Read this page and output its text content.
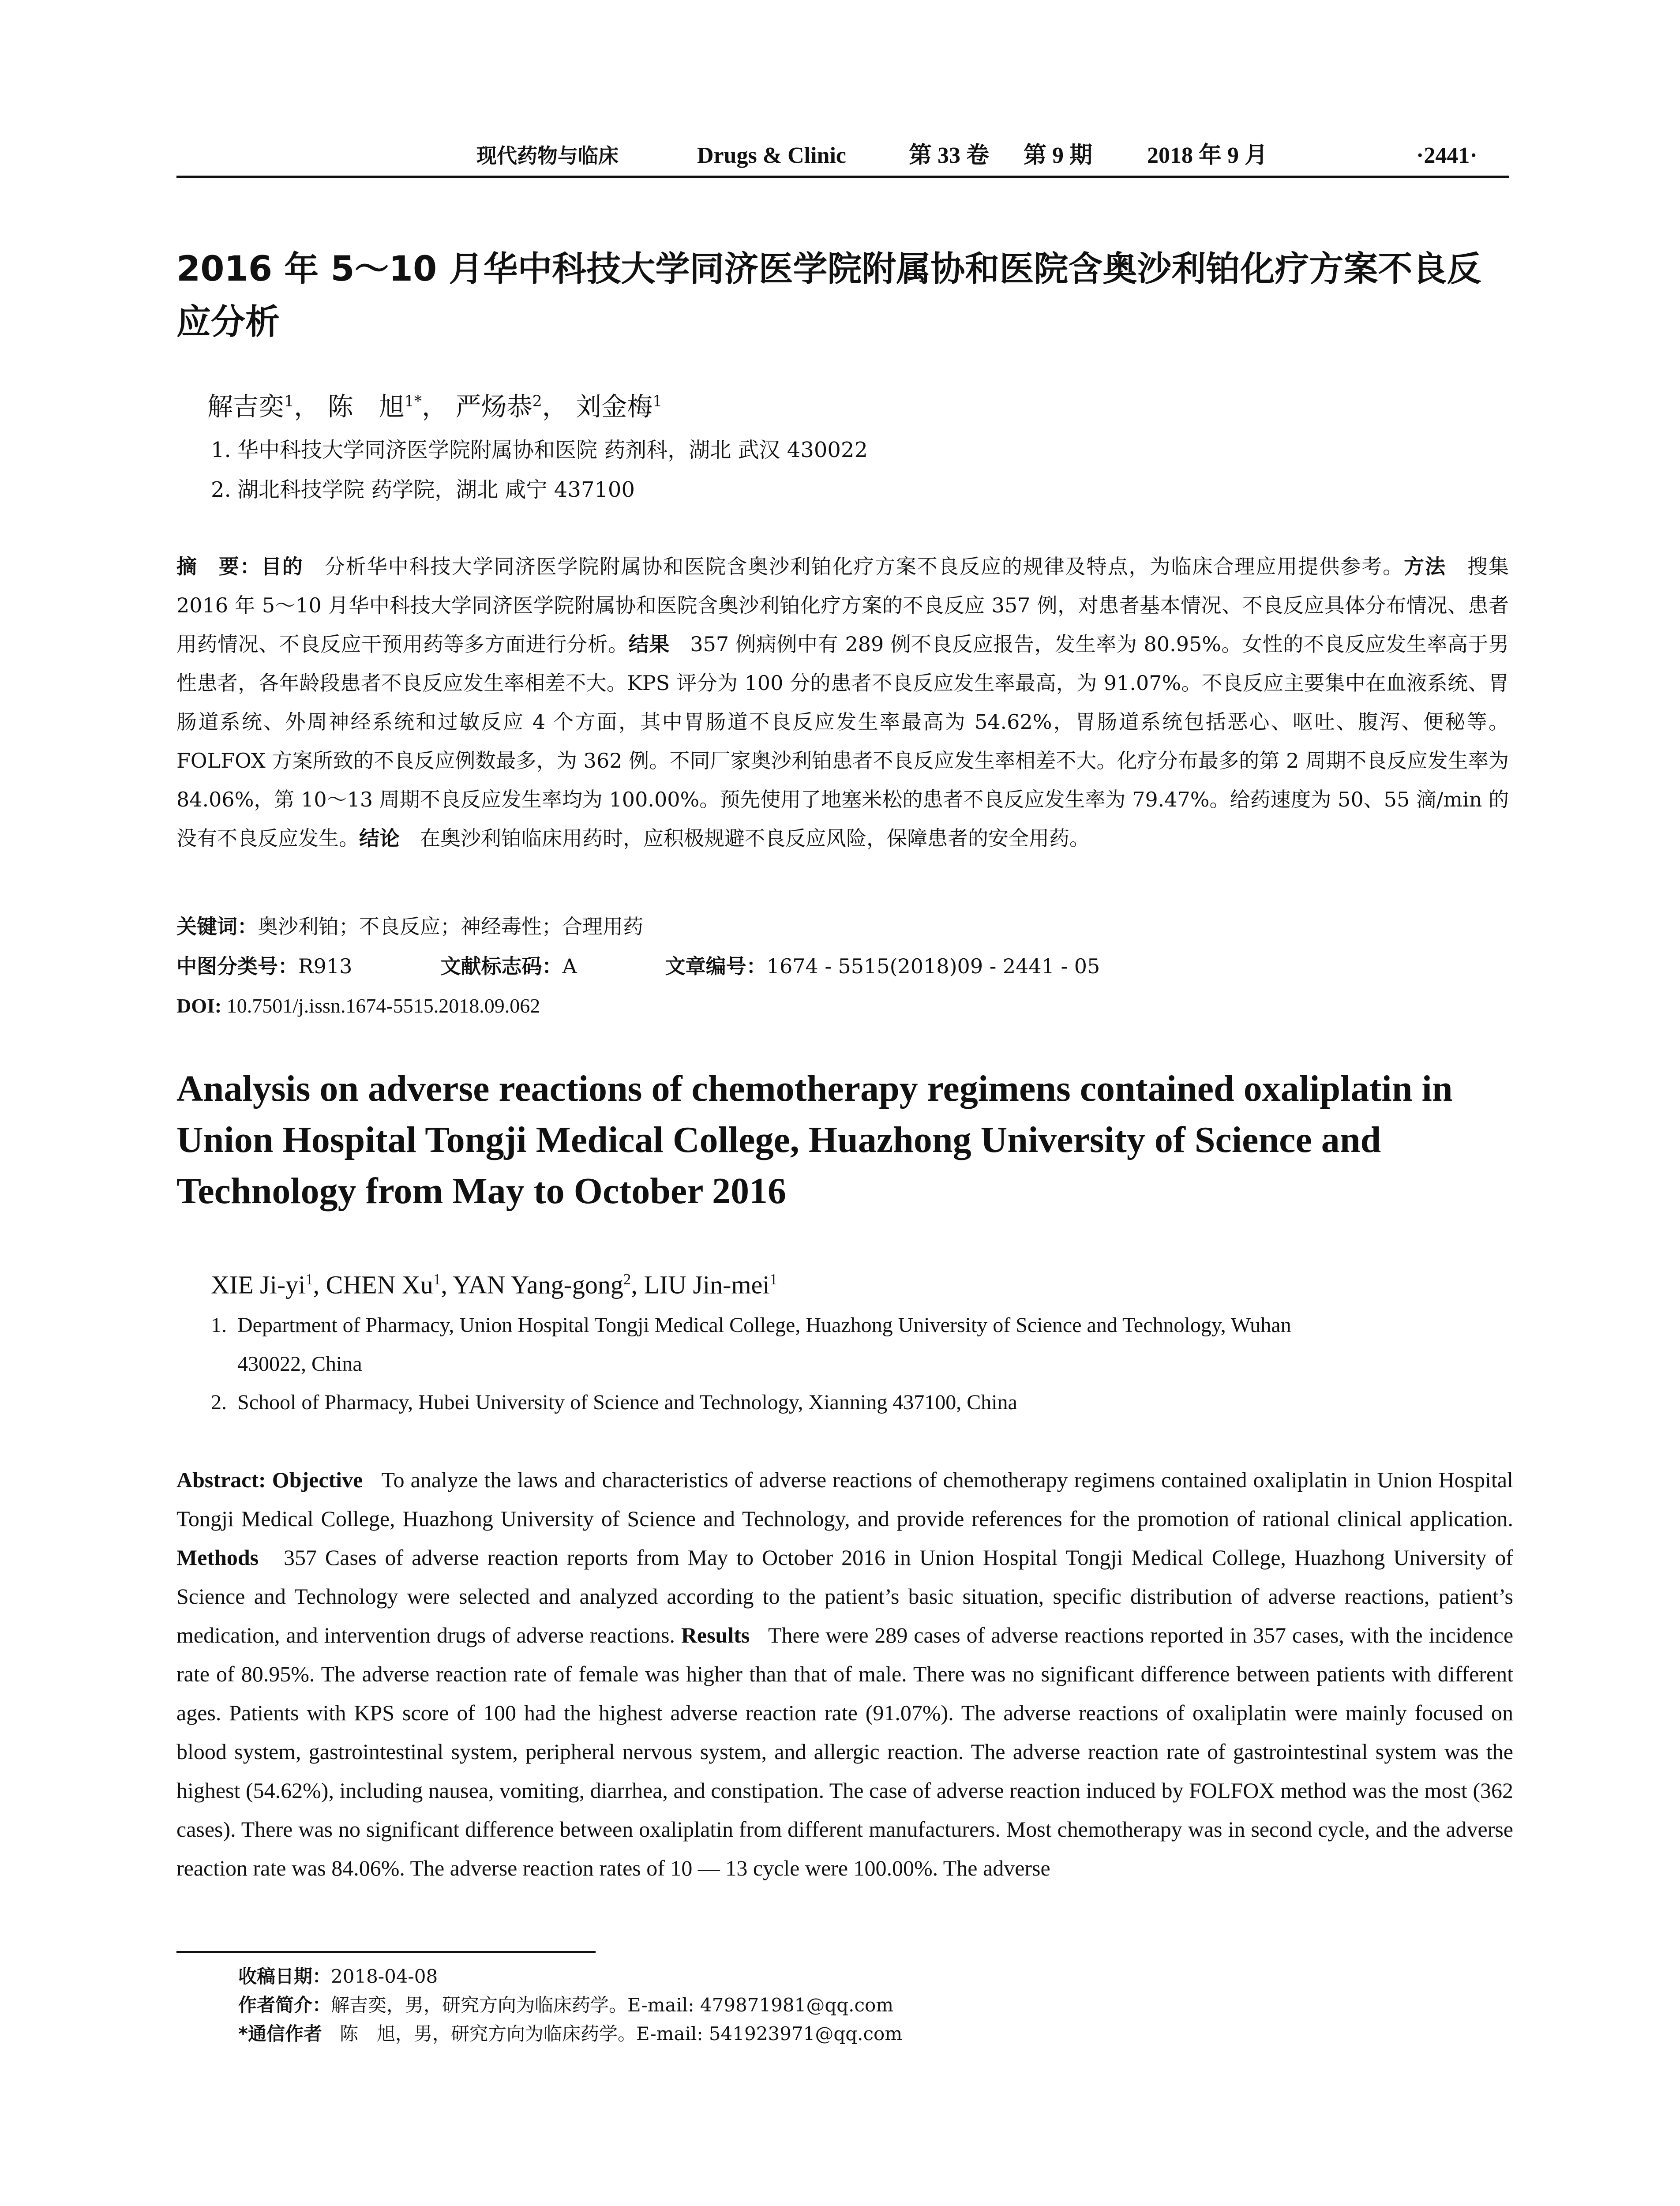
现代药物与临床	Drugs & Clinic	第 33 卷 第 9 期 2018 年 9 月	·2441·
2016 年 5～10 月华中科技大学同济医学院附属协和医院含奥沙利铂化疗方案不良反应分析
解吉奕$^1$， 陈　旭$^{1*}$， 严炀恭$^2$， 刘金梅$^1$
1. 华中科技大学同济医学院附属协和医院 药剂科，湖北 武汉 430022
2. 湖北科技学院 药学院，湖北 咸宁 437100

摘　要：目的　 分析华中科技大学同济医学院附属协和医院含奥沙利铂化疗方案不良反应的规律及特点，为临床合理应用提供参考。方法　 搜集 2016 年 5～10 月华中科技大学同济医学院附属协和医院含奥沙利铂化疗方案的不良反应 357 例，对患者基本情况、不良反应具体分布情况、患者用药情况、不良反应干预用药等多方面进行分析。结果　 357 例病例中有 289 例不良反应报告，发生率为 80.95%。女性的不良反应发生率高于男性患者，各年龄段患者不良反应发生率相差不大。KPS 评分为 100 分的患者不良反应发生率最高，为 91.07%。不良反应主要集中在血液系统、胃肠道系统、外周神经系统和过敏反应 4 个方面，其中胃肠道不良反应发生率最高为 54.62%，胃肠道系统包括恶心、呕吐、腹泻、便秘等。FOLFOX 方案所致的不良反应例数最多，为 362 例。不同厂家奥沙利铂患者不良反应发生率相差不大。化疗分布最多的第 2 周期不良反应发生率为 84.06%，第 10～13 周期不良反应发生率均为 100.00%。预先使用了地塞米松的患者不良反应发生率为 79.47%。给药速度为 50、55 滴/min 的没有不良反应发生。结论　 在奥沙利铂临床用药时，应积极规避不良反应风险，保障患者的安全用药。

关键词：奥沙利铂；不良反应；神经毒性；合理用药
中图分类号：R913	文献标志码：A	文章编号：1674 - 5515(2018)09 - 2441 - 05
DOI: 10.7501/j.issn.1674-5515.2018.09.062
Analysis on adverse reactions of chemotherapy regimens contained oxaliplatin in Union Hospital Tongji Medical College, Huazhong University of Science and Technology from May to October 2016
XIE $Ji-yi^1$, CHEN Xu$^1$, YAN Yang-gong$^2$, LIU Jin-mei$^1$
1. Department of Pharmacy, Union Hospital Tongji Medical College, Huazhong University of Science and Technology, Wuhan
430022, China
2. School of Pharmacy, Hubei University of Science and Technology, Xianning 437100, China

Abstract: Objective To analyze the laws and characteristics of adverse reactions of chemotherapy regimens contained oxaliplatin in Union Hospital Tongji Medical College, Huazhong University of Science and Technology, and provide references for the promotion of rational clinical application. Methods 357 Cases of adverse reaction reports from May to October 2016 in Union Hospital Tongji Medical College, Huazhong University of Science and Technology were selected and analyzed according to the patient’s basic situation, specific distribution of adverse reactions, patient’s medication, and intervention drugs of adverse reactions. Results There were 289 cases of adverse reactions reported in 357 cases, with the incidence rate of 80.95%. The adverse reaction rate of female was higher than that of male. There was no significant difference between patients with different ages. Patients with KPS score of 100 had the highest adverse reaction rate (91.07%). The adverse reactions of oxaliplatin were mainly focused on blood system, gastrointestinal system, peripheral nervous system, and allergic reaction. The adverse reaction rate of gastrointestinal system was the highest (54.62%), including nausea, vomiting, diarrhea, and constipation. The case of adverse reaction induced by FOLFOX method was the most (362 cases). There was no significant difference between oxaliplatin from different manufacturers. Most chemotherapy was in second cycle, and the adverse reaction rate was 84.06%. The adverse reaction rates of 10 — 13 cycle were 100.00%. The adverse

收稿日期：2018-04-08
作者简介：解吉奕，男，研究方向为临床药学。E-mail: 479871981@qq.com
*通信作者 陈　旭，男，研究方向为临床药学。E-mail: 541923971@qq.com
